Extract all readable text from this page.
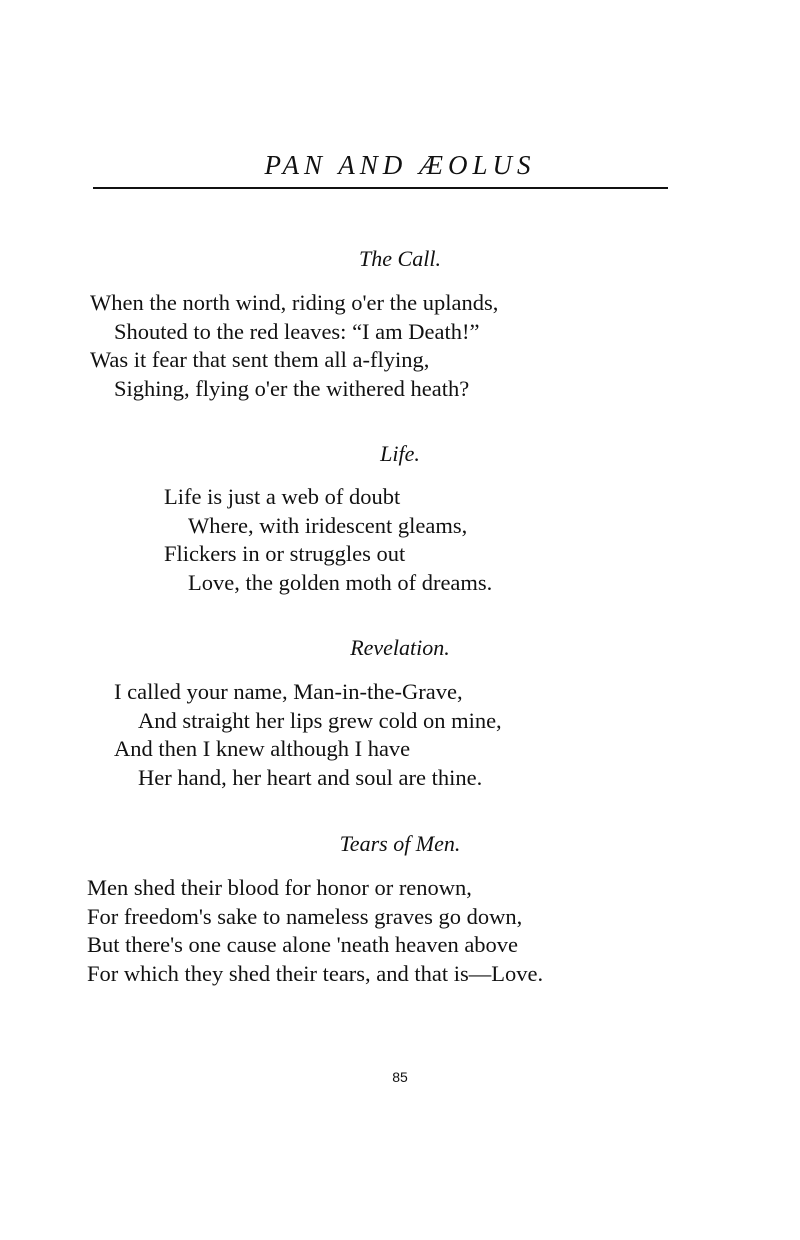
PAN AND ÆOLUS
The Call.
When the north wind, riding o'er the uplands,
Shouted to the red leaves: “I am Death!”
Was it fear that sent them all a-flying,
Sighing, flying o'er the withered heath?
Life.
Life is just a web of doubt
Where, with iridescent gleams,
Flickers in or struggles out
Love, the golden moth of dreams.
Revelation.
I called your name, Man-in-the-Grave,
And straight her lips grew cold on mine,
And then I knew although I have
Her hand, her heart and soul are thine.
Tears of Men.
Men shed their blood for honor or renown,
For freedom's sake to nameless graves go down,
But there's one cause alone 'neath heaven above
For which they shed their tears, and that is—Love.
85
